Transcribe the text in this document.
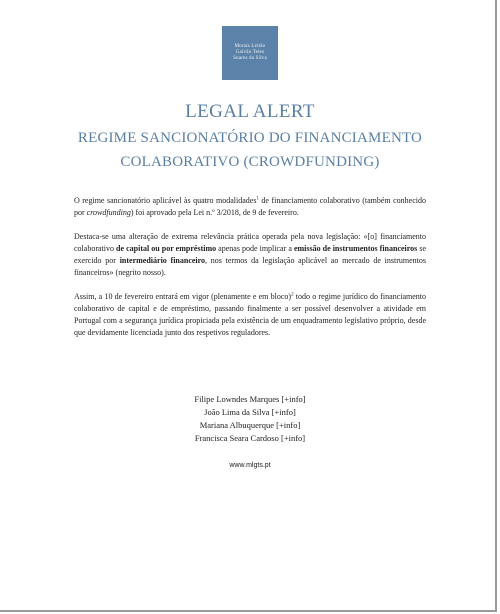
Morais Leitão
Galvão Teles
Soares da Silva
LEGAL ALERT
REGIME SANCIONATÓRIO DO FINANCIAMENTO
COLABORATIVO (CROWDFUNDING)

O regime sancionatório aplicável às quatro modalidades$^1$ de financiamento colaborativo (também conhecido por crowdfunding) foi aprovado pela Lei n.º 3/2018, de 9 de fevereiro.

Destaca-se uma alteração de extrema relevância prática operada pela nova legislação: «[o] financiamento colaborativo de capital ou por empréstimo apenas pode implicar a emissão de instrumentos financeiros se exercido por intermediário financeiro, nos termos da legislação aplicável ao mercado de instrumentos financeiros» (negrito nosso).

Assim, a 10 de fevereiro entrará em vigor (plenamente e em bloco)$^2$ todo o regime jurídico do financiamento colaborativo de capital e de empréstimo, passando finalmente a ser possível desenvolver a atividade em Portugal com a segurança jurídica propiciada pela existência de um enquadramento legislativo próprio, desde que devidamente licenciada junto dos respetivos reguladores.

Filipe Lowndes Marques [+info]
João Lima da Silva [+info]
Mariana Albuquerque [+info]
Francisca Seara Cardoso [+info]
www.mlgts.pt
